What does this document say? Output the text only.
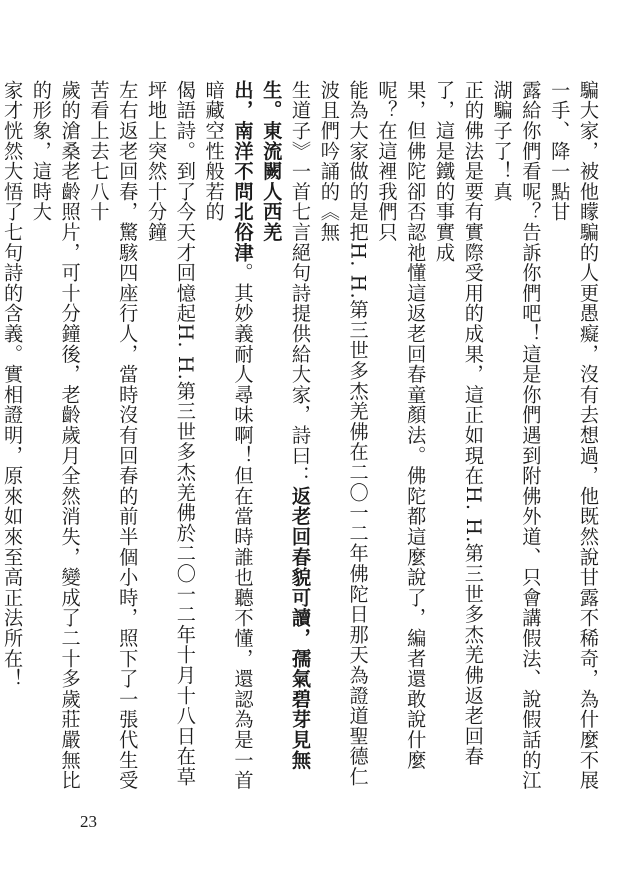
騙大家，被他矇騙的人更愚癡，沒有去想過，他既然說甘露不稀奇，為什麼不展一手、降一點甘
露給你們看呢？告訴你們吧！這是你們遇到附佛外道、只會講假法、說假話的江湖騙子了！真
正的佛法是要有實際受用的成果，這正如現在H. H.第三世多杰羌佛返老回春了，這是鐵的事實成
果，但佛陀卻否認祂懂這返老回春童顏法。佛陀都這麼說了，編者還敢說什麼呢？在這裡我們只
能為大家做的是把H. H.第三世多杰羌佛在二〇一二年佛陀日那天為證道聖德仁波且們吟誦的《無
生道子》一首七言絕句詩提供給大家，詩曰：返老回春貌可讀，孺氣碧芽見無生。東流闕人西羌
出，南洋不問北俗津。其妙義耐人尋味啊！但在當時誰也聽不懂，還認為是一首暗藏空性般若的
偈語詩。到了今天才回憶起H. H.第三世多杰羌佛於二〇一二年十月十八日在草坪地上突然十分鐘
左右返老回春，驚駭四座行人，當時沒有回春的前半個小時，照下了一張代生受苦看上去七八十
歲的滄桑老齡照片，可十分鐘後，老齡歲月全然消失，變成了二十多歲莊嚴無比的形象，這時大
家才恍然大悟了七句詩的含義。實相證明，原來如來至高正法所在！
23
